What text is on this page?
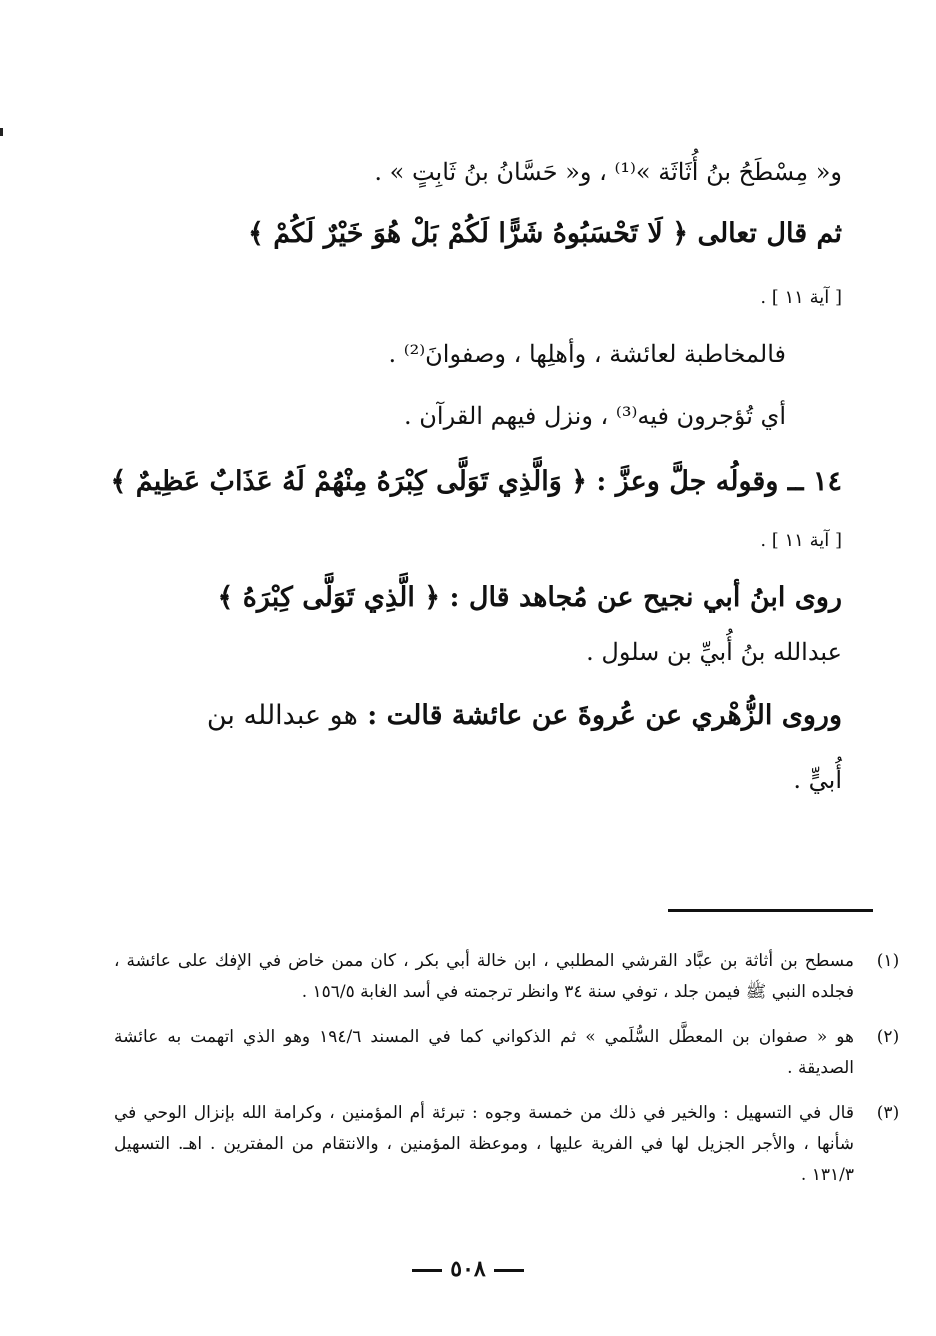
و« مِسْطَحُ بنُ أُثَاثَة »⁽¹⁾ ، و« حَسَّانُ بنُ ثَابِتٍ » .
ثم قال تعالى ﴿ لَا تَحْسَبُوهُ شَرًّا لَكُمْ بَلْ هُوَ خَيْرٌ لَكُمْ ﴾
[ آية ١١ ] .
فالمخاطبة لعائشة ، وأهلِها ، وصفوانَ⁽²⁾ .
أي تُؤجرون فيه⁽³⁾ ، ونزل فيهم القرآن .
١٤ ــ وقولُه جلَّ وعزَّ : ﴿ وَالَّذِي تَوَلَّى كِبْرَهُ مِنْهُمْ لَهُ عَذَابٌ عَظِيمٌ ﴾
[ آية ١١ ] .
روى ابنُ أبي نجيح عن مُجاهد قال : ﴿ الَّذِي تَوَلَّى كِبْرَهُ ﴾
عبدالله بنُ أُبيِّ بن سلول .
وروى الزُّهْري عن عُروةَ عن عائشة قالت : هو عبدالله بن
أُبيٍّ .
(١)
مسطح بن أثاثة بن عبَّاد القرشي المطلبي ، ابن خالة أبي بكر ، كان ممن خاض في الإفك على عائشة ، فجلده النبي ﷺ فيمن جلد ، توفي سنة ٣٤ وانظر ترجمته في أسد الغابة ١٥٦/٥ .
(٢)
هو « صفوان بن المعطَّل السُّلَمي » ثم الذكواني كما في المسند ١٩٤/٦ وهو الذي اتهمت به عائشة الصديقة .
(٣)
قال في التسهيل : والخير في ذلك من خمسة وجوه : تبرئة أم المؤمنين ، وكرامة الله بإنزال الوحي في شأنها ، والأجر الجزيل لها في الفرية عليها ، وموعظة المؤمنين ، والانتقام من المفترين . اهـ. التسهيل ١٣١/٣ .
٥٠٨
